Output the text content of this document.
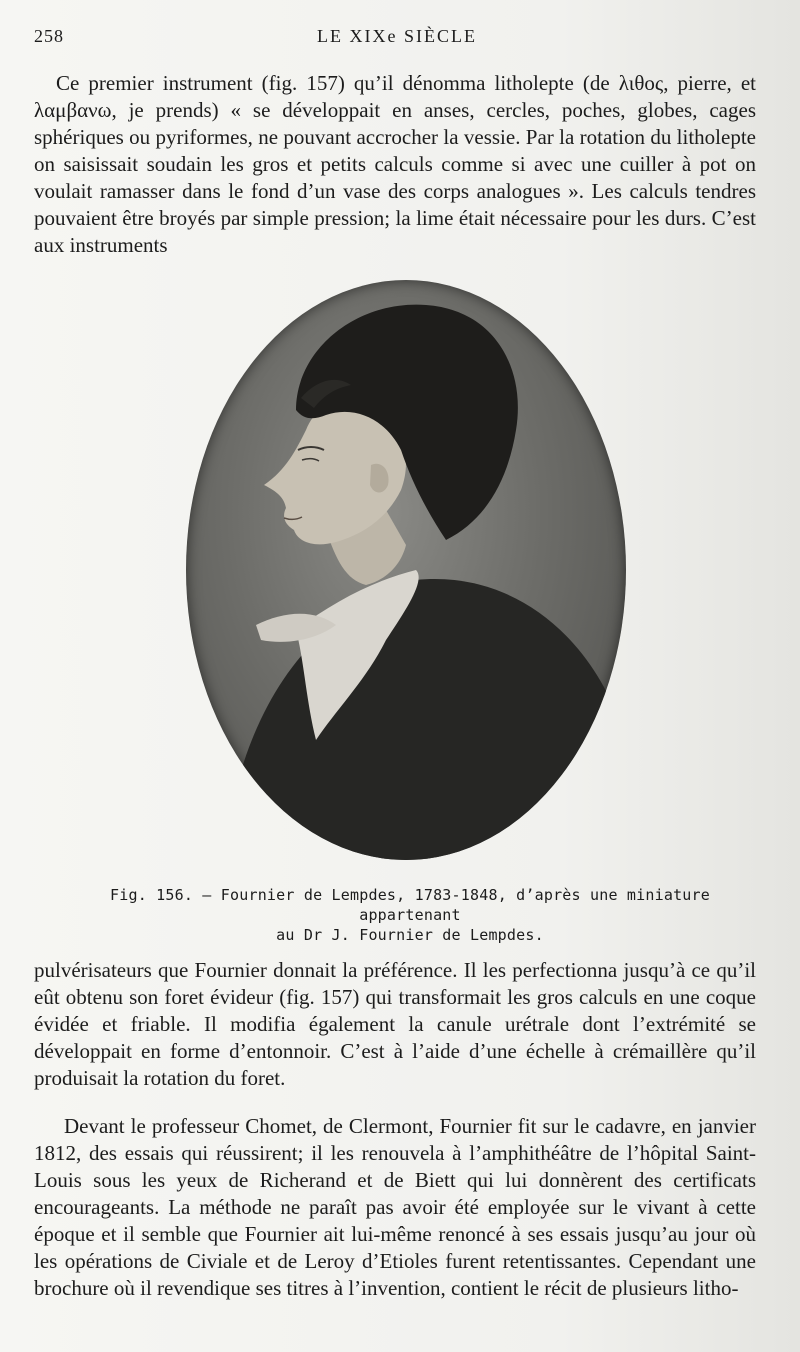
258	LE XIXe SIÈCLE

Ce premier instrument (fig. 157) qu’il dénomma litholepte (de λιθος, pierre, et λαμβανω, je prends) « se développait en anses, cercles, poches, globes, cages sphériques ou pyriformes, ne pouvant accrocher la vessie. Par la rotation du litholepte on saisissait soudain les gros et petits calculs comme si avec une cuiller à pot on voulait ramasser dans le fond d’un vase des corps analogues ». Les calculs tendres pouvaient être broyés par simple pression; la lime était nécessaire pour les durs. C’est aux instruments

Fig. 156. — Fournier de Lempdes, 1783-1848, d’après une miniature appartenant
au Dr J. Fournier de Lempdes.

pulvérisateurs que Fournier donnait la préférence. Il les perfectionna jusqu’à ce qu’il eût obtenu son foret évideur (fig. 157) qui transformait les gros calculs en une coque évidée et friable. Il modifia également la canule urétrale dont l’extrémité se développait en forme d’entonnoir. C’est à l’aide d’une échelle à crémaillère qu’il produisait la rotation du foret.

Devant le professeur Chomet, de Clermont, Fournier fit sur le cadavre, en janvier 1812, des essais qui réussirent; il les renouvela à l’amphithéâtre de l’hôpital Saint-Louis sous les yeux de Richerand et de Biett qui lui donnèrent des certificats encourageants. La méthode ne paraît pas avoir été employée sur le vivant à cette époque et il semble que Fournier ait lui-même renoncé à ses essais jusqu’au jour où les opérations de Civiale et de Leroy d’Etioles furent retentissantes. Cependant une brochure où il revendique ses titres à l’invention, contient le récit de plusieurs litho-
